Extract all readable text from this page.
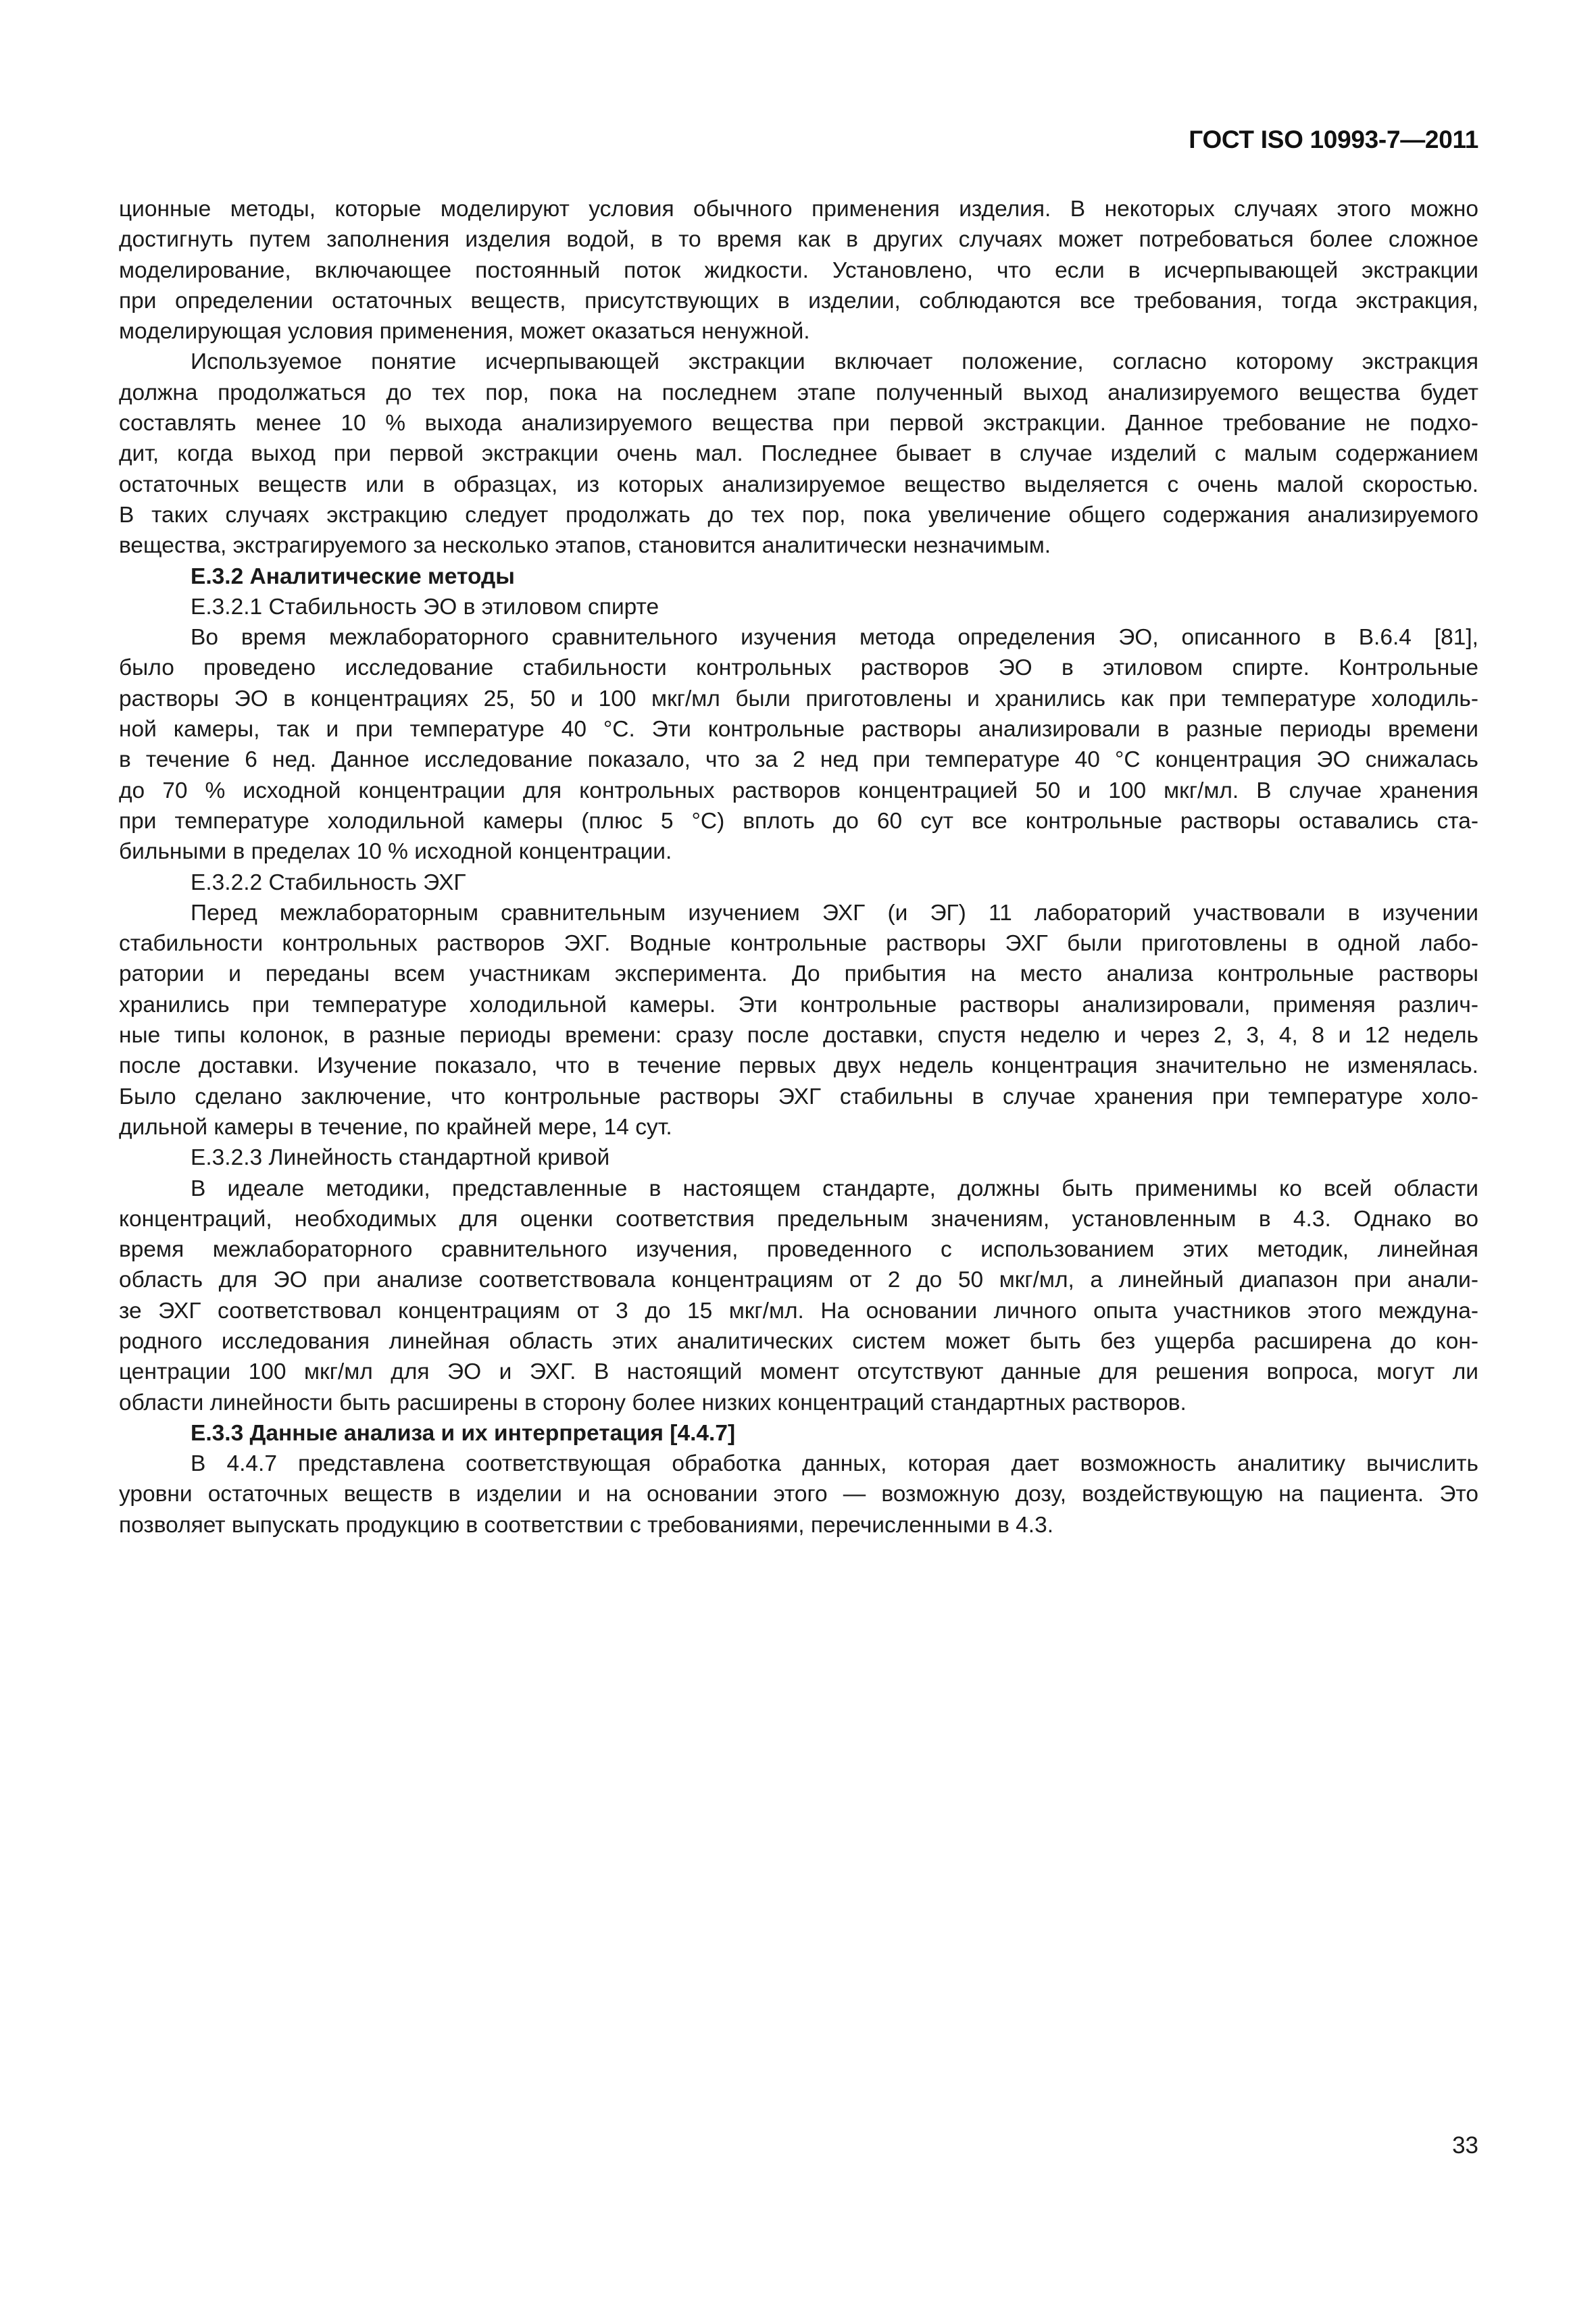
ГОСТ ISO 10993-7—2011
ционные методы, которые моделируют условия обычного применения изделия. В некоторых случаях этого можно
достигнуть путем заполнения изделия водой, в то время как в других случаях может потребоваться более сложное
моделирование, включающее постоянный поток жидкости. Установлено, что если в исчерпывающей экстракции
при определении остаточных веществ, присутствующих в изделии, соблюдаются все требования, тогда экстракция,
моделирующая условия применения, может оказаться ненужной.
Используемое понятие исчерпывающей экстракции включает положение, согласно которому экстракция
должна продолжаться до тех пор, пока на последнем этапе полученный выход анализируемого вещества будет
составлять менее 10 % выхода анализируемого вещества при первой экстракции. Данное требование не подхо-
дит, когда выход при первой экстракции очень мал. Последнее бывает в случае изделий с малым содержанием
остаточных веществ или в образцах, из которых анализируемое вещество выделяется с очень малой скоростью.
В таких случаях экстракцию следует продолжать до тех пор, пока увеличение общего содержания анализируемого
вещества, экстрагируемого за несколько этапов, становится аналитически незначимым.
Е.3.2 Аналитические методы
Е.3.2.1 Стабильность ЭО в этиловом спирте
Во время межлабораторного сравнительного изучения метода определения ЭО, описанного в В.6.4 [81],
было проведено исследование стабильности контрольных растворов ЭО в этиловом спирте. Контрольные
растворы ЭО в концентрациях 25, 50 и 100 мкг/мл были приготовлены и хранились как при температуре холодиль-
ной камеры, так и при температуре 40 °С. Эти контрольные растворы анализировали в разные периоды времени
в течение 6 нед. Данное исследование показало, что за 2 нед при температуре 40 °С концентрация ЭО снижалась
до 70 % исходной концентрации для контрольных растворов концентрацией 50 и 100 мкг/мл. В случае хранения
при температуре холодильной камеры (плюс 5 °С) вплоть до 60 сут все контрольные растворы оставались ста-
бильными в пределах 10 % исходной концентрации.
Е.3.2.2 Стабильность ЭХГ
Перед межлабораторным сравнительным изучением ЭХГ (и ЭГ) 11 лабораторий участвовали в изучении
стабильности контрольных растворов ЭХГ. Водные контрольные растворы ЭХГ были приготовлены в одной лабо-
ратории и переданы всем участникам эксперимента. До прибытия на место анализа контрольные растворы
хранились при температуре холодильной камеры. Эти контрольные растворы анализировали, применяя различ-
ные типы колонок, в разные периоды времени: сразу после доставки, спустя неделю и через 2, 3, 4, 8 и 12 недель
после доставки. Изучение показало, что в течение первых двух недель концентрация значительно не изменялась.
Было сделано заключение, что контрольные растворы ЭХГ стабильны в случае хранения при температуре холо-
дильной камеры в течение, по крайней мере, 14 сут.
Е.3.2.3 Линейность стандартной кривой
В идеале методики, представленные в настоящем стандарте, должны быть применимы ко всей области
концентраций, необходимых для оценки соответствия предельным значениям, установленным в 4.3. Однако во
время межлабораторного сравнительного изучения, проведенного с использованием этих методик, линейная
область для ЭО при анализе соответствовала концентрациям от 2 до 50 мкг/мл, а линейный диапазон при анали-
зе ЭХГ соответствовал концентрациям от 3 до 15 мкг/мл. На основании личного опыта участников этого междуна-
родного исследования линейная область этих аналитических систем может быть без ущерба расширена до кон-
центрации 100 мкг/мл для ЭО и ЭХГ. В настоящий момент отсутствуют данные для решения вопроса, могут ли
области линейности быть расширены в сторону более низких концентраций стандартных растворов.
Е.3.3 Данные анализа и их интерпретация [4.4.7]
В 4.4.7 представлена соответствующая обработка данных, которая дает возможность аналитику вычислить
уровни остаточных веществ в изделии и на основании этого — возможную дозу, воздействующую на пациента. Это
позволяет выпускать продукцию в соответствии с требованиями, перечисленными в 4.3.
33
